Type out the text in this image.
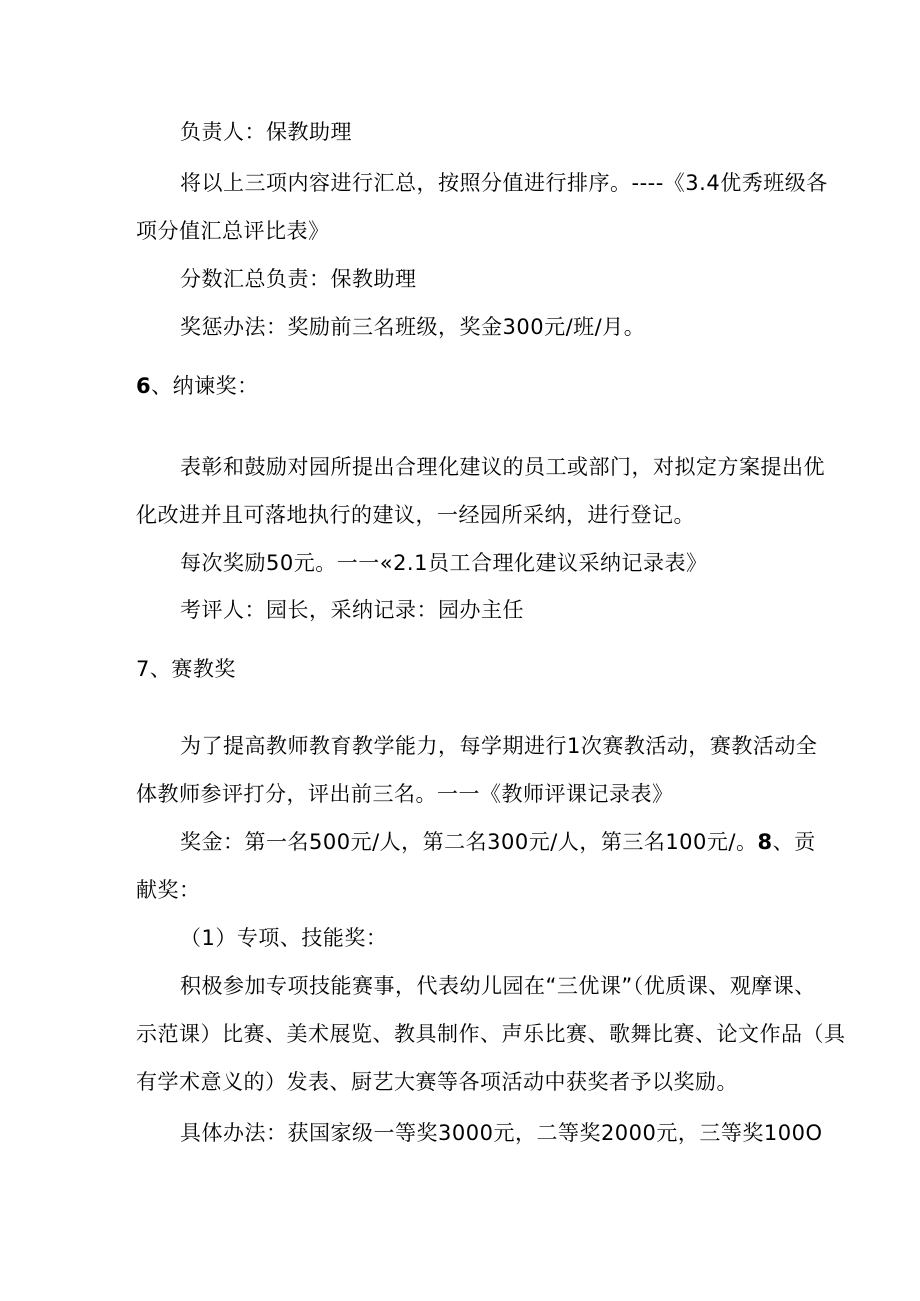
负责人：保教助理
将以上三项内容进行汇总，按照分值进行排序。----《3.4优秀班级各
项分值汇总评比表》
分数汇总负责：保教助理
奖惩办法：奖励前三名班级，奖金300元/班/月。
6、纳谏奖：
表彰和鼓励对园所提出合理化建议的员工或部门，对拟定方案提出优
化改进并且可落地执行的建议，一经园所采纳，进行登记。
每次奖励50元。一一«2.1员工合理化建议采纳记录表》
考评人：园长，采纳记录：园办主任
7、赛教奖
为了提高教师教育教学能力，每学期进行1次赛教活动，赛教活动全
体教师参评打分，评出前三名。一一《教师评课记录表》
奖金：第一名500元/人，第二名300元/人，第三名100元/。8、贡
献奖：
（1）专项、技能奖：
积极参加专项技能赛事，代表幼儿园在“三优课”（优质课、观摩课、
示范课）比赛、美术展览、教具制作、声乐比赛、歌舞比赛、论文作品（具
有学术意义的）发表、厨艺大赛等各项活动中获奖者予以奖励。
具体办法：获国家级一等奖3000元，二等奖2000元，三等奖100O
